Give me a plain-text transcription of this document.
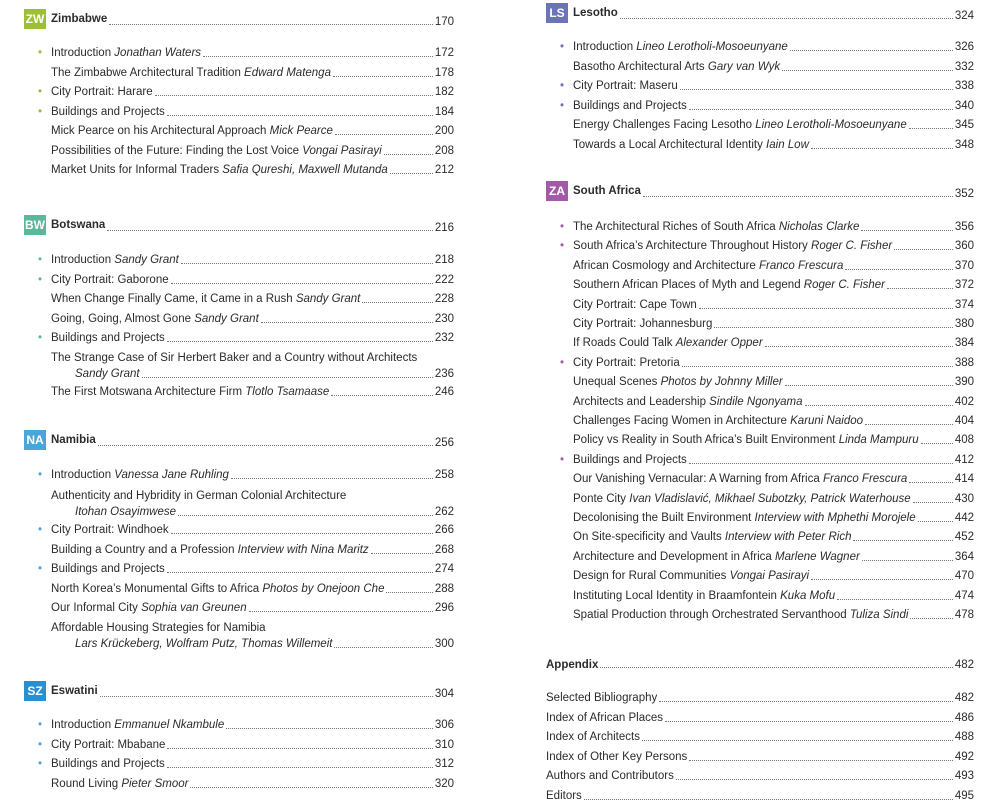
ZW Zimbabwe	170
• Introduction Jonathan Waters	172
The Zimbabwe Architectural Tradition Edward Matenga	178
• City Portrait: Harare	182
• Buildings and Projects	184
Mick Pearce on his Architectural Approach Mick Pearce	200
Possibilities of the Future: Finding the Lost Voice Vongai Pasirayi	208
Market Units for Informal Traders Safia Qureshi, Maxwell Mutanda	212
BW Botswana	216
• Introduction Sandy Grant	218
• City Portrait: Gaborone	222
When Change Finally Came, it Came in a Rush Sandy Grant	228
Going, Going, Almost Gone Sandy Grant	230
• Buildings and Projects	232
The Strange Case of Sir Herbert Baker and a Country without Architects
Sandy Grant	236
The First Motswana Architecture Firm Tlotlo Tsamaase	246
NA Namibia	256
• Introduction Vanessa Jane Ruhling	258
Authenticity and Hybridity in German Colonial Architecture
Itohan Osayimwese	262
• City Portrait: Windhoek	266
Building a Country and a Profession Interview with Nina Maritz	268
• Buildings and Projects	274
North Korea’s Monumental Gifts to Africa Photos by Onejoon Che	288
Our Informal City Sophia van Greunen	296
Affordable Housing Strategies for Namibia
Lars Krückeberg, Wolfram Putz, Thomas Willemeit	300
SZ Eswatini	304
• Introduction Emmanuel Nkambule	306
• City Portrait: Mbabane	310
• Buildings and Projects	312
Round Living Pieter Smoor	320
LS Lesotho	324
• Introduction Lineo Lerotholi-Mosoeunyane	326
Basotho Architectural Arts Gary van Wyk	332
• City Portrait: Maseru	338
• Buildings and Projects	340
Energy Challenges Facing Lesotho Lineo Lerotholi-Mosoeunyane	345
Towards a Local Architectural Identity Iain Low	348
ZA South Africa	352
• The Architectural Riches of South Africa Nicholas Clarke	356
• South Africa’s Architecture Throughout History Roger C. Fisher	360
African Cosmology and Architecture Franco Frescura	370
Southern African Places of Myth and Legend Roger C. Fisher	372
City Portrait: Cape Town	374
City Portrait: Johannesburg	380
If Roads Could Talk Alexander Opper	384
• City Portrait: Pretoria	388
Unequal Scenes Photos by Johnny Miller	390
Architects and Leadership Sindile Ngonyama	402
Challenges Facing Women in Architecture Karuni Naidoo	404
Policy vs Reality in South Africa’s Built Environment Linda Mampuru	408
• Buildings and Projects	412
Our Vanishing Vernacular: A Warning from Africa Franco Frescura	414
Ponte City Ivan Vladislavić, Mikhael Subotzky, Patrick Waterhouse	430
Decolonising the Built Environment Interview with Mphethi Morojele	442
On Site-specificity and Vaults Interview with Peter Rich	452
Architecture and Development in Africa Marlene Wagner	364
Design for Rural Communities Vongai Pasirayi	470
Instituting Local Identity in Braamfontein Kuka Mofu	474
Spatial Production through Orchestrated Servanthood Tuliza Sindi	478
Appendix	482
Selected Bibliography	482
Index of African Places	486
Index of Architects	488
Index of Other Key Persons	492
Authors and Contributors	493
Editors	495
